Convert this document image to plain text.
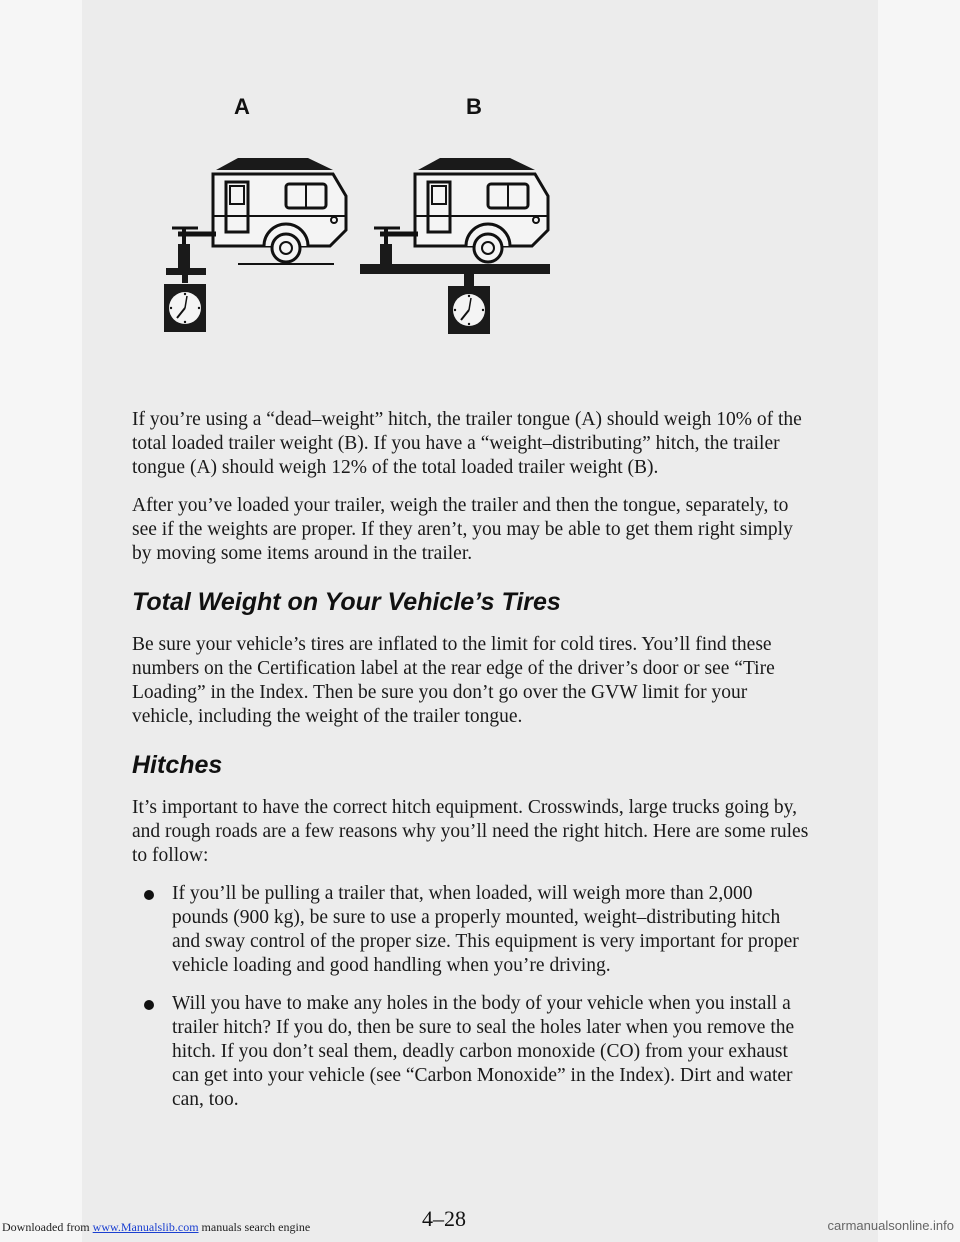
A	B

If you’re using a “dead–weight” hitch, the trailer tongue (A) should weigh 10% of the total loaded trailer weight (B). If you have a “weight–distributing” hitch, the trailer tongue (A) should weigh 12% of the total loaded trailer weight (B).

After you’ve loaded your trailer, weigh the trailer and then the tongue, separately, to see if the weights are proper. If they aren’t, you may be able to get them right simply by moving some items around in the trailer.

Total Weight on Your Vehicle’s Tires

Be sure your vehicle’s tires are inflated to the limit for cold tires. You’ll find these numbers on the Certification label at the rear edge of the driver’s door or see “Tire Loading” in the Index. Then be sure you don’t go over the GVW limit for your vehicle, including the weight of the trailer tongue.

Hitches

It’s important to have the correct hitch equipment. Crosswinds, large trucks going by, and rough roads are a few reasons why you’ll need the right hitch. Here are some rules to follow:

If you’ll be pulling a trailer that, when loaded, will weigh more than 2,000 pounds (900 kg), be sure to use a properly mounted, weight–distributing hitch and sway control of the proper size. This equipment is very important for proper vehicle loading and good handling when you’re driving.
Will you have to make any holes in the body of your vehicle when you install a trailer hitch? If you do, then be sure to seal the holes later when you remove the hitch. If you don’t seal them, deadly carbon monoxide (CO) from your exhaust can get into your vehicle (see “Carbon Monoxide” in the Index). Dirt and water can, too.
4–28
Downloaded from www.Manualslib.com manuals search engine	carmanualsonline.info
